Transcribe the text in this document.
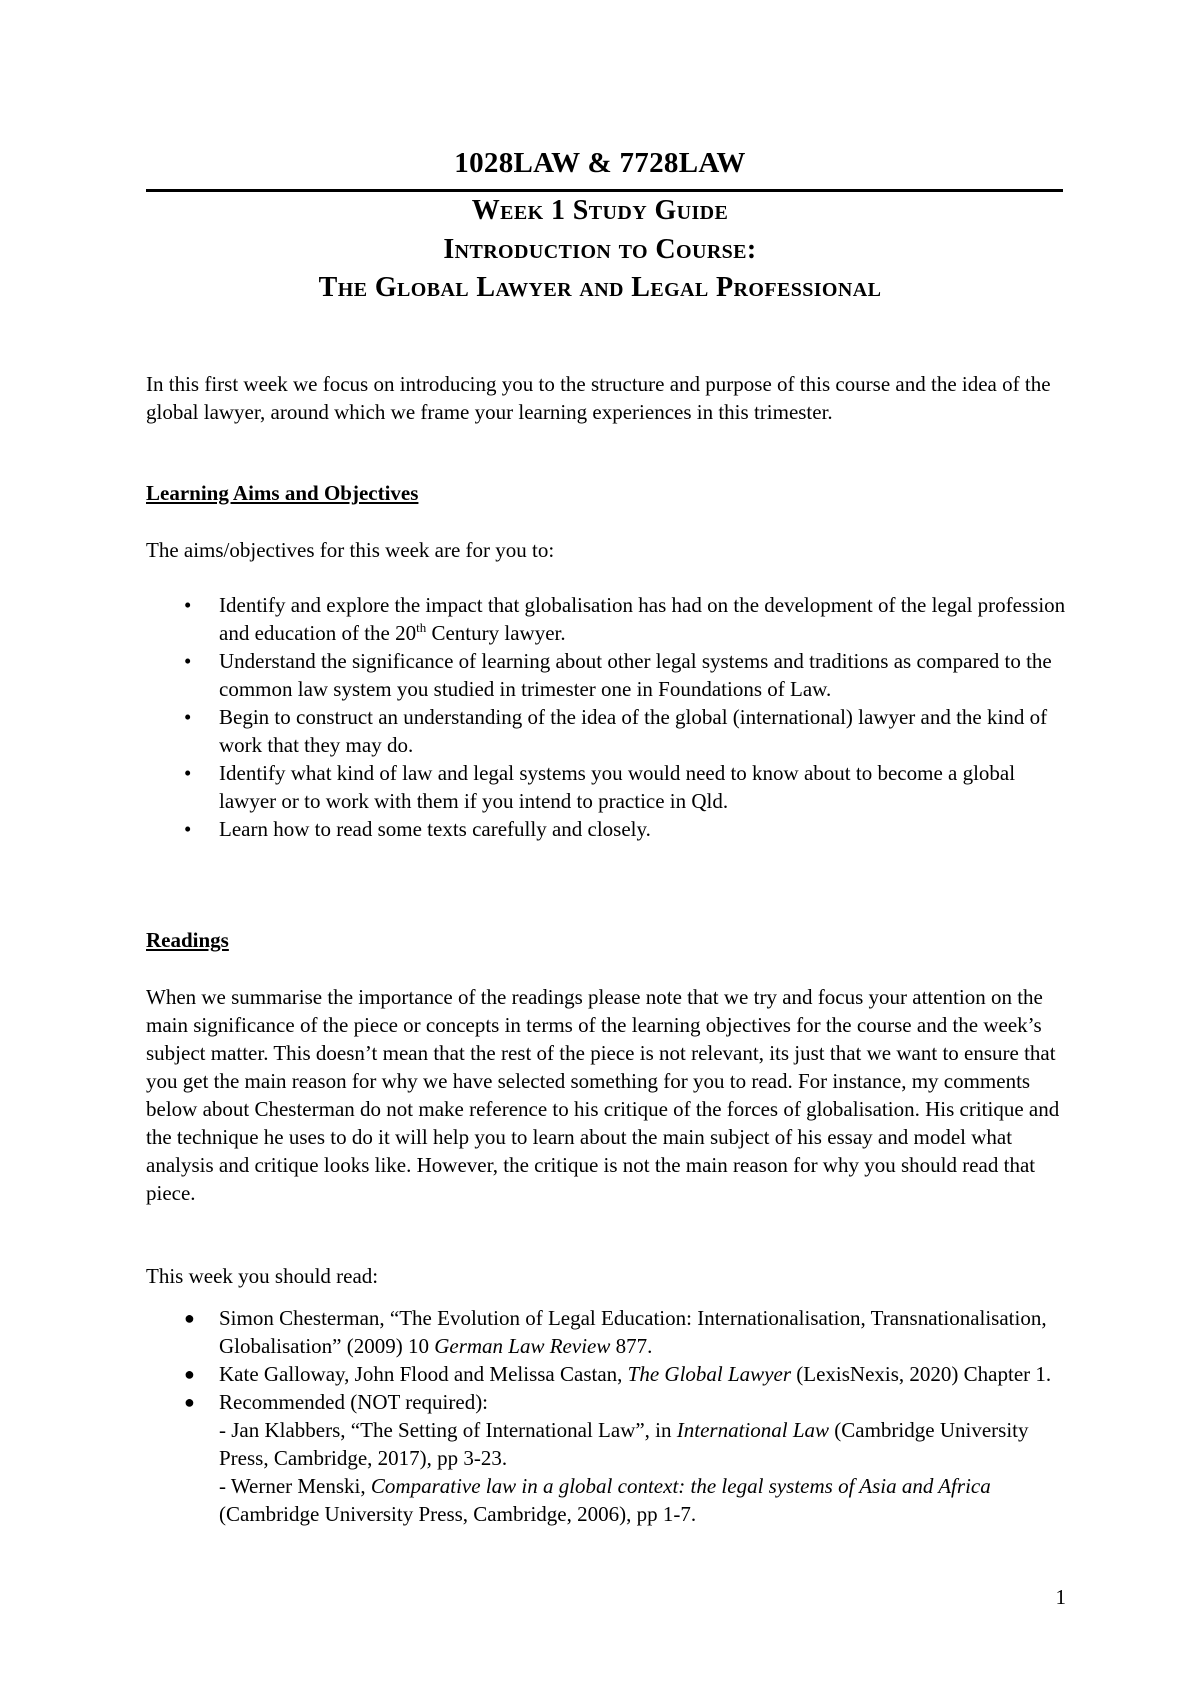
1028LAW & 7728LAW
Week 1 Study Guide
Introduction to Course:
The Global Lawyer and Legal Professional
In this first week we focus on introducing you to the structure and purpose of this course and the idea of the global lawyer, around which we frame your learning experiences in this trimester.
Learning Aims and Objectives
The aims/objectives for this week are for you to:
• Identify and explore the impact that globalisation has had on the development of the legal profession and education of the 20th Century lawyer.
• Understand the significance of learning about other legal systems and traditions as compared to the common law system you studied in trimester one in Foundations of Law.
• Begin to construct an understanding of the idea of the global (international) lawyer and the kind of work that they may do.
• Identify what kind of law and legal systems you would need to know about to become a global lawyer or to work with them if you intend to practice in Qld.
• Learn how to read some texts carefully and closely.
Readings
When we summarise the importance of the readings please note that we try and focus your attention on the main significance of the piece or concepts in terms of the learning objectives for the course and the week’s subject matter. This doesn’t mean that the rest of the piece is not relevant, its just that we want to ensure that you get the main reason for why we have selected something for you to read. For instance, my comments below about Chesterman do not make reference to his critique of the forces of globalisation. His critique and the technique he uses to do it will help you to learn about the main subject of his essay and model what analysis and critique looks like. However, the critique is not the main reason for why you should read that piece.
This week you should read:
● Simon Chesterman, “The Evolution of Legal Education: Internationalisation, Transnationalisation, Globalisation” (2009) 10 German Law Review 877.
● Kate Galloway, John Flood and Melissa Castan, The Global Lawyer (LexisNexis, 2020) Chapter 1.
● Recommended (NOT required):
- Jan Klabbers, “The Setting of International Law”, in International Law (Cambridge University Press, Cambridge, 2017), pp 3-23.
- Werner Menski, Comparative law in a global context: the legal systems of Asia and Africa (Cambridge University Press, Cambridge, 2006), pp 1-7.
1
